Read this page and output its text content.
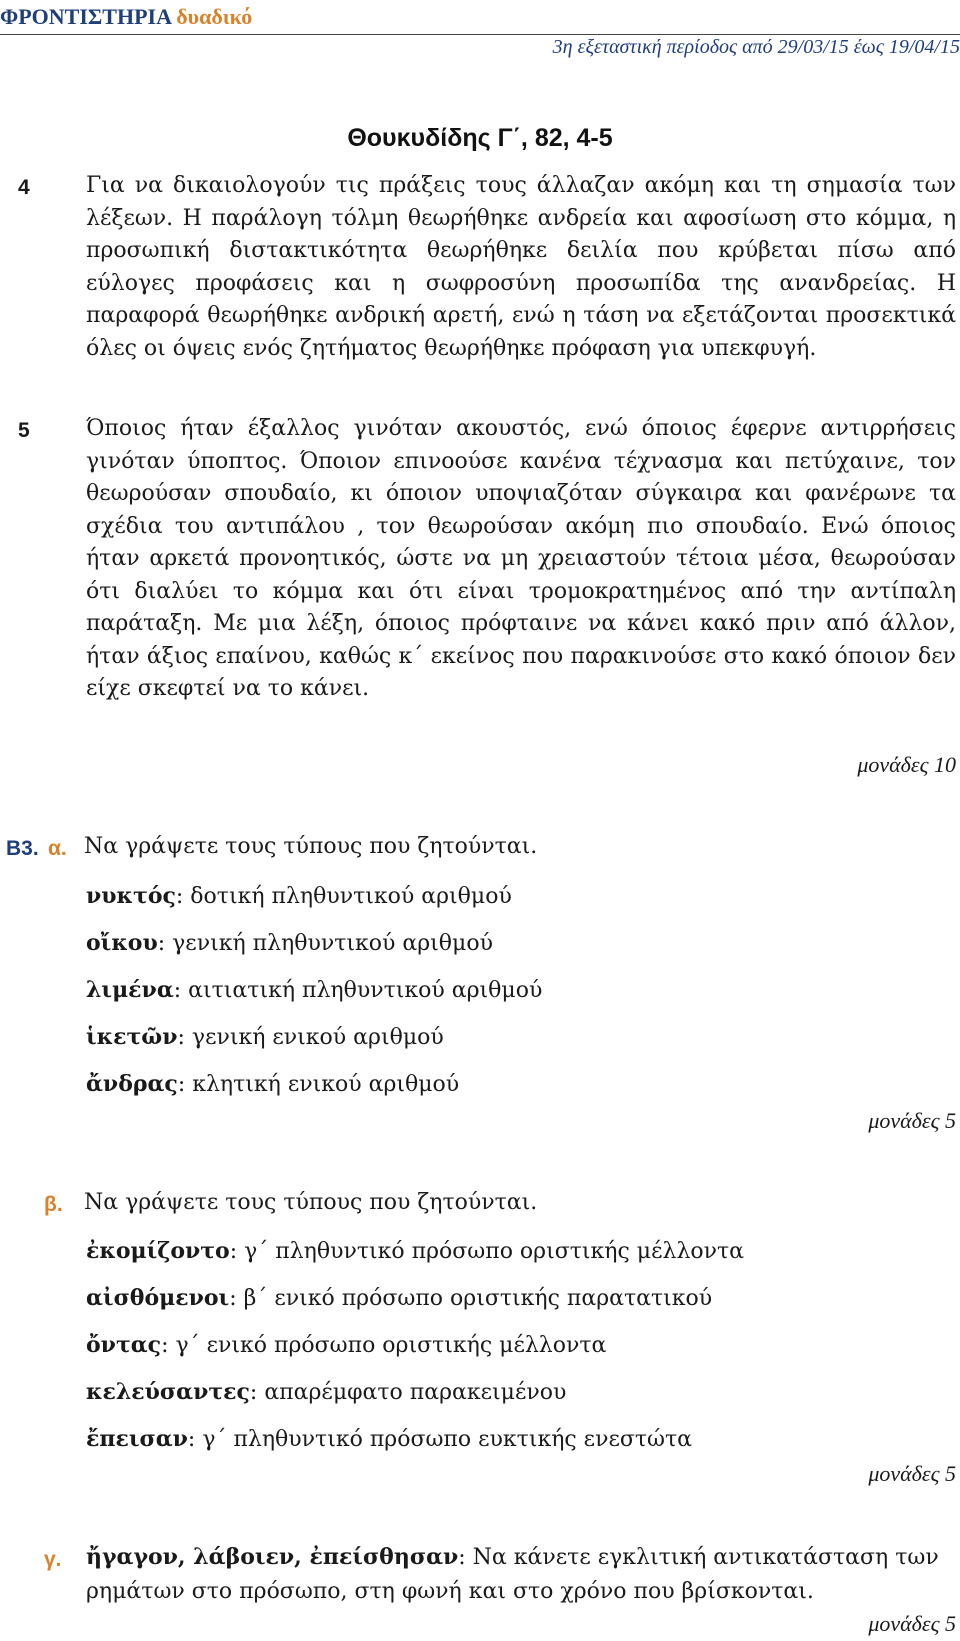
ΦΡΟΝΤΙΣΤΗΡΙΑ δυαδικό
3η εξεταστική περίοδος από 29/03/15 έως 19/04/15
Θουκυδίδης Γ΄, 82, 4-5
4	Για να δικαιολογούν τις πράξεις τους άλλαζαν ακόμη και τη σημασία των λέξεων. Η παράλογη τόλμη θεωρήθηκε ανδρεία και αφοσίωση στο κόμμα, η προσωπική διστακτικότητα θεωρήθηκε δειλία που κρύβεται πίσω από εύλογες προφάσεις και η σωφροσύνη προσωπίδα της ανανδρείας. Η παραφορά θεωρήθηκε ανδρική αρετή, ενώ η τάση να εξετάζονται προσεκτικά όλες οι όψεις ενός ζητήματος θεωρήθηκε πρόφαση για υπεκφυγή.
5	Όποιος ήταν έξαλλος γινόταν ακουστός, ενώ όποιος έφερνε αντιρρήσεις γινόταν ύποπτος. Όποιον επινοούσε κανένα τέχνασμα και πετύχαινε, τον θεωρούσαν σπουδαίο, κι όποιον υποψιαζόταν σύγκαιρα και φανέρωνε τα σχέδια του αντιπάλου , τον θεωρούσαν ακόμη πιο σπουδαίο. Ενώ όποιος ήταν αρκετά προνοητικός, ώστε να μη χρειαστούν τέτοια μέσα, θεωρούσαν ότι διαλύει το κόμμα και ότι είναι τρομοκρατημένος από την αντίπαλη παράταξη. Με μια λέξη, όποιος πρόφταινε να κάνει κακό πριν από άλλον, ήταν άξιος επαίνου, καθώς κ΄ εκείνος που παρακινούσε στο κακό όποιον δεν είχε σκεφτεί να το κάνει.
μονάδες 10
Β3. α. Να γράψετε τους τύπους που ζητούνται.
νυκτός: δοτική πληθυντικού αριθμού
οἴκου: γενική πληθυντικού αριθμού
λιμένα: αιτιατική πληθυντικού αριθμού
ἱκετῶν: γενική ενικού αριθμού
ἄνδρας: κλητική ενικού αριθμού
μονάδες 5
β. Να γράψετε τους τύπους που ζητούνται.
ἐκομίζοντο: γ΄ πληθυντικό πρόσωπο οριστικής μέλλοντα
αἰσθόμενοι: β΄ ενικό πρόσωπο οριστικής παρατατικού
ὄντας: γ΄ ενικό πρόσωπο οριστικής μέλλοντα
κελεύσαντες: απαρέμφατο παρακειμένου
ἔπεισαν: γ΄ πληθυντικό πρόσωπο ευκτικής ενεστώτα
μονάδες 5
γ. ἤγαγον, λάβοιεν, ἐπείσθησαν: Να κάνετε εγκλιτική αντικατάσταση των ρημάτων στο πρόσωπο, στη φωνή και στο χρόνο που βρίσκονται.
μονάδες 5
